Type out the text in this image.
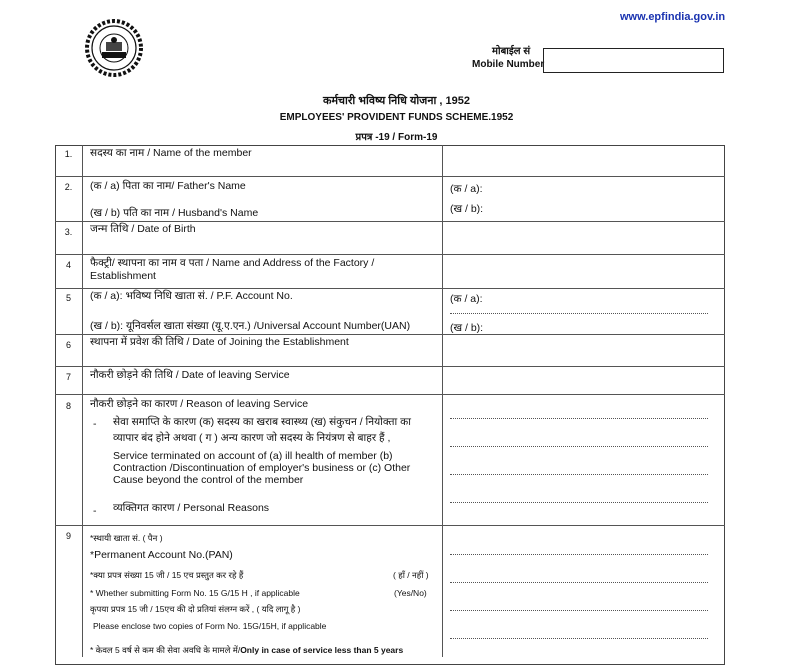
www.epfindia.gov.in
मोबाईल सं
Mobile Number
कर्मचारी भविष्य निधि योजना , 1952
EMPLOYEES' PROVIDENT FUNDS SCHEME.1952
प्रपत्र -19 / Form-19
1.	सदस्य का नाम / Name of the member
2.	(क / a) पिता का नाम/ Father's Name
(ख / b) पति का नाम / Husband's Name
(क / a):
(ख / b):
3.	जन्म तिथि / Date of Birth
4	फैक्ट्री/ स्थापना का नाम व पता / Name and Address of the Factory /
Establishment
5	(क / a): भविष्य निधि खाता सं. / P.F. Account No.
(ख / b): यूनिवर्सल खाता संख्या (यू.ए.एन.) /Universal Account Number(UAN)
(क / a):
(ख / b):
6	स्थापना में प्रवेश की तिथि / Date of Joining the Establishment
7	नौकरी छोड़ने की तिथि / Date of leaving Service
8	नौकरी छोड़ने का कारण / Reason of leaving Service
- सेवा समाप्ति के कारण (क) सदस्य का खराब स्वास्थ्य (ख) संकुचन / नियोक्ता का
व्यापार बंद होने अथवा ( ग ) अन्य कारण जो सदस्य के नियंत्रण से बाहर हैं ,
Service terminated on account of (a) ill health of member (b)
Contraction /Discontinuation of employer's business or (c) Other
Cause beyond the control of the member
- व्यक्तिगत कारण / Personal Reasons
9	*स्थायी खाता सं. ( पैन )
*Permanent Account No.(PAN)
*क्या प्रपत्र संख्या 15 जी / 15 एच प्रस्तुत कर रहे हैं	( हाँ / नहीं )
* Whether submitting Form No. 15 G/15 H , if applicable	(Yes/No)
कृपया प्रपत्र 15 जी / 15एच की दो प्रतियां संलग्न करें , ( यदि लागू है )
Please enclose two copies of Form No. 15G/15H, if applicable
* केवल 5 वर्ष से कम की सेवा अवधि के मामले में/Only in case of service less than 5 years
